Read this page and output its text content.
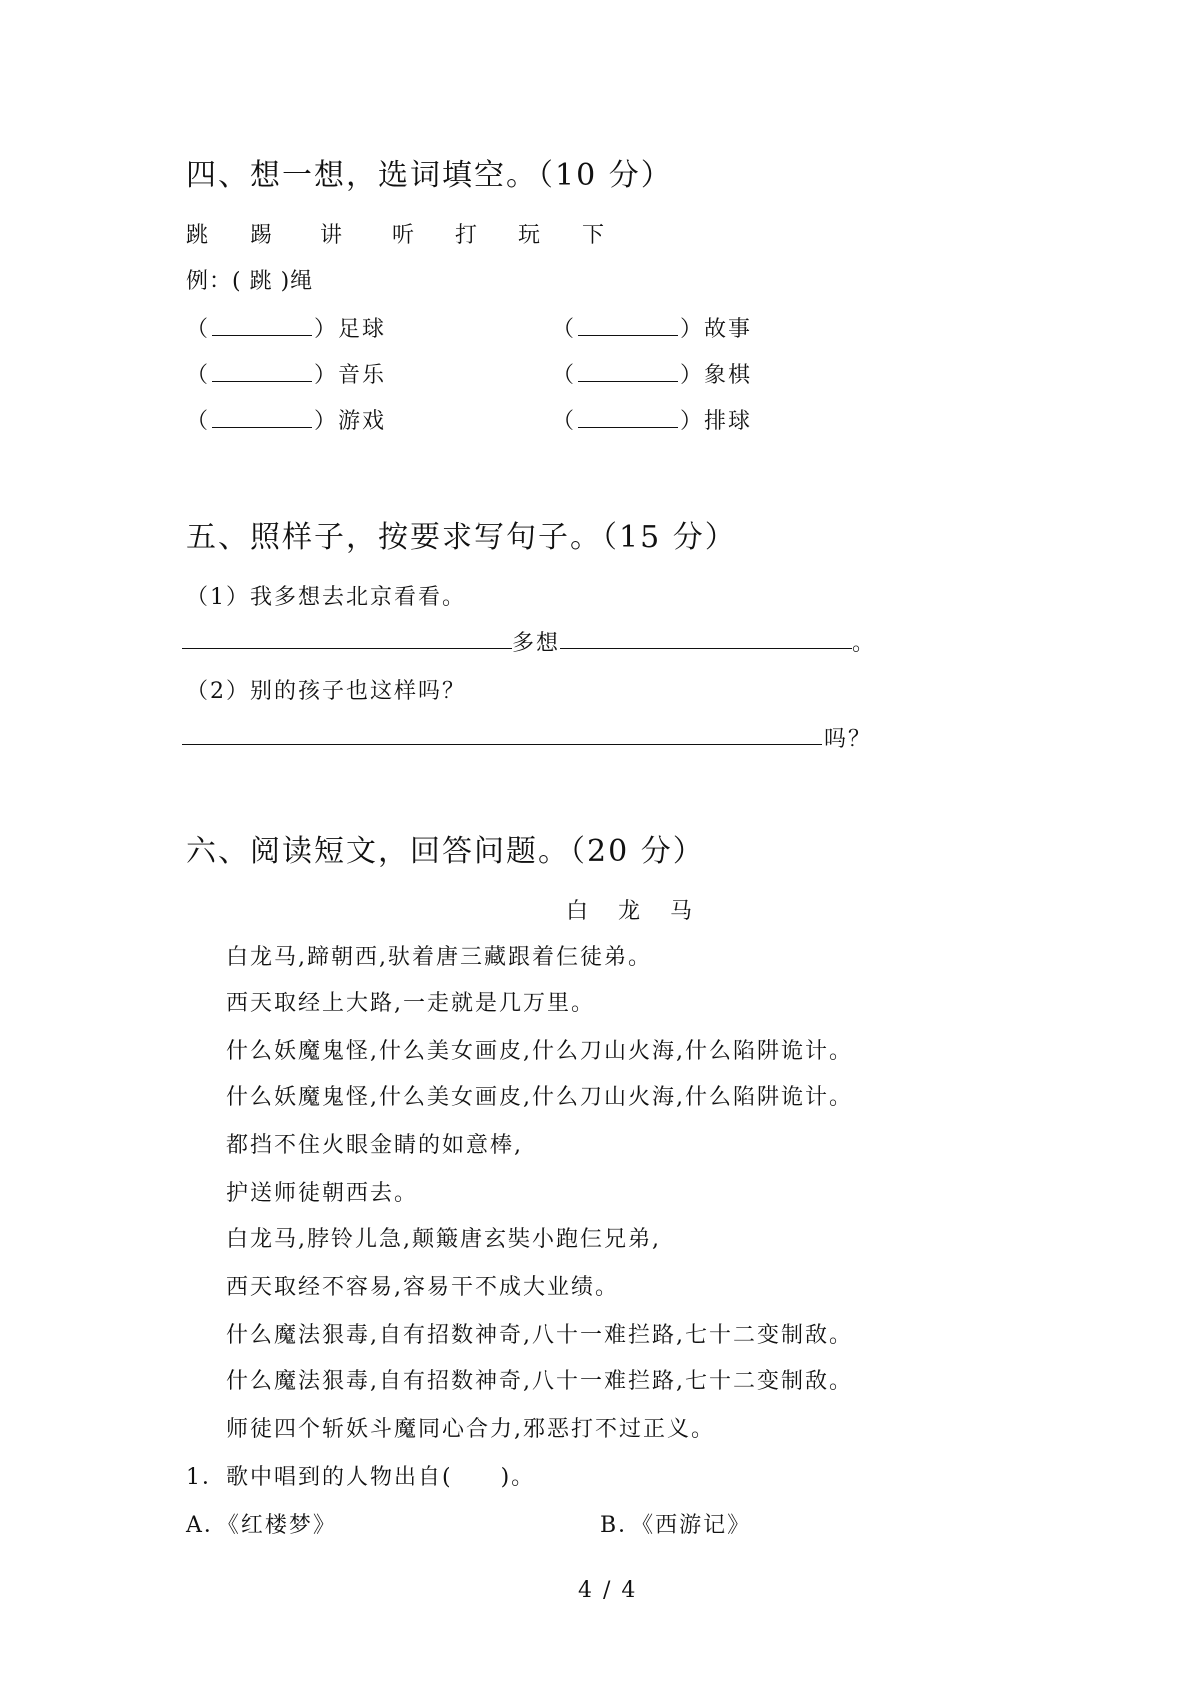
四、想一想，选词填空。（10 分）
跳 踢 讲 听 打 玩 下
例：( 跳 )绳
（	）足球	（	）故事
（	）音乐	（	）象棋
（	）游戏	（	）排球
五、照样子，按要求写句子。（15 分）
（1）我多想去北京看看。
多想	。
（2）别的孩子也这样吗？
吗？
六、阅读短文，回答问题。（20 分）
白　龙　马
白龙马,蹄朝西,驮着唐三藏跟着仨徒弟。
西天取经上大路,一走就是几万里。
什么妖魔鬼怪,什么美女画皮,什么刀山火海,什么陷阱诡计。
什么妖魔鬼怪,什么美女画皮,什么刀山火海,什么陷阱诡计。
都挡不住火眼金睛的如意棒,
护送师徒朝西去。
白龙马,脖铃儿急,颠簸唐玄奘小跑仨兄弟,
西天取经不容易,容易干不成大业绩。
什么魔法狠毒,自有招数神奇,八十一难拦路,七十二变制敌。
什么魔法狠毒,自有招数神奇,八十一难拦路,七十二变制敌。
师徒四个斩妖斗魔同心合力,邪恶打不过正义。
1．歌中唱到的人物出自(　　)。
A．《红楼梦》	B．《西游记》
4 / 4
